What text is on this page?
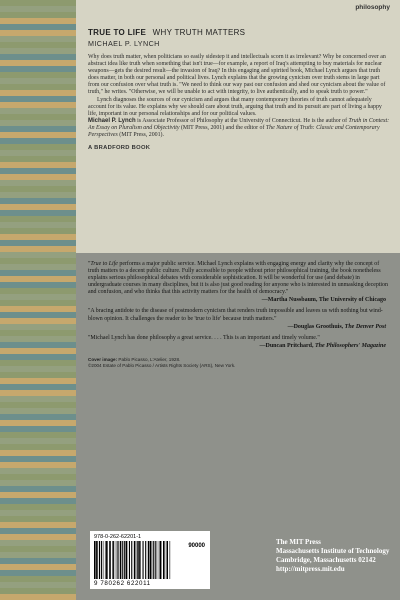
philosophy
TRUE TO LIFE WHY TRUTH MATTERS
MICHAEL P. LYNCH

Why does truth matter, when politicians so easily sidestep it and intellectuals scorn it as irrelevant? Why be concerned over an abstract idea like truth when something that isn't true—for example, a report of Iraq's attempting to buy materials for nuclear weapons—gets the desired result—the invasion of Iraq? In this engaging and spirited book, Michael Lynch argues that truth does matter, in both our personal and political lives. Lynch explains that the growing cynicism over truth stems in large part from our confusion over what truth is. "We need to think our way past our confusion and shed our cynicism about the value of truth," he writes. "Otherwise, we will be unable to act with integrity, to live authentically, and to speak truth to power."

Lynch diagnoses the sources of our cynicism and argues that many contemporary theories of truth cannot adequately account for its value. He explains why we should care about truth, arguing that truth and its pursuit are part of living a happy life, important in our personal relationships and for our political values.

Michael P. Lynch is Associate Professor of Philosophy at the University of Connecticut. He is the author of Truth in Context: An Essay on Pluralism and Objectivity (MIT Press, 2001) and the editor of The Nature of Truth: Classic and Contemporary Perspectives (MIT Press, 2001).

A BRADFORD BOOK

"True to Life performs a major public service. Michael Lynch explains with engaging energy and clarity why the concept of truth matters to a decent public culture. Fully accessible to people without prior philosophical training, the book nonetheless explains serious philosophical debates with considerable sophistication. It will be wonderful for use (and debate) in undergraduate courses in many disciplines, but it is also just good reading for anyone who is interested in unmasking deception and confusion, and who thinks that this activity matters for the health of democracy."

—Martha Nussbaum, The University of Chicago

"A bracing antidote to the disease of postmodern cynicism that renders truth impossible and leaves us with nothing but wind-blown opinion. It challenges the reader to be 'true to life' because truth matters."

—Douglas Groothuis, The Denver Post

"Michael Lynch has done philosophy a great service. . . . This is an important and timely volume."

—Duncan Pritchard, The Philosophers' Magazine
Cover image: Pablo Picasso, L'Atelier, 1928.
©2004 Estate of Pablo Picasso / Artists Rights Society (ARS), New York.
978-0-262-62201-1
90000
9 780262 622011
The MIT Press
Massachusetts Institute of Technology
Cambridge, Massachusetts 02142
http://mitpress.mit.edu
